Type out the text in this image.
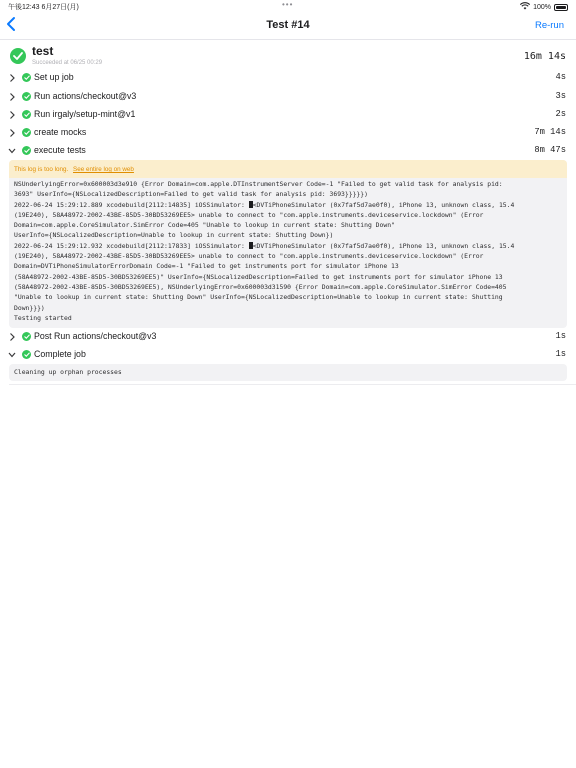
午後12:43 6月27日(月)	•••	100%
Test #14	Re-run
test
Succeeded at 06/25 00:29
16m 14s
Set up job	4s
Run actions/checkout@v3	3s
Run irgaly/setup-mint@v1	2s
create mocks	7m 14s
execute tests	8m 47s
This log is too long. See entire log on web
NSUnderlyingError=0x600003d3e910 {Error Domain=com.apple.DTInstrumentServer Code=-1 "Failed to get valid task for analysis pid:
3693" UserInfo={NSLocalizedDescription=Failed to get valid task for analysis pid: 3693}}}}})
2022-06-24 15:29:12.889 xcodebuild[2112:14835] iOSSimulator: <DVTiPhoneSimulator (0x7faf5d7ae0f0), iPhone 13, unknown class, 15.4
(19E240), 58A48972-2002-43BE-85D5-30BD53269EE5> unable to connect to "com.apple.instruments.deviceservice.lockdown" (Error
Domain=com.apple.CoreSimulator.SimError Code=405 "Unable to lookup in current state: Shutting Down"
UserInfo={NSLocalizedDescription=Unable to lookup in current state: Shutting Down})
2022-06-24 15:29:12.932 xcodebuild[2112:17833] iOSSimulator: <DVTiPhoneSimulator (0x7faf5d7ae0f0), iPhone 13, unknown class, 15.4
(19E240), 58A48972-2002-43BE-85D5-30BD53269EE5> unable to connect to "com.apple.instruments.deviceservice.lockdown" (Error
Domain=DVTiPhoneSimulatorErrorDomain Code=-1 "Failed to get instruments port for simulator iPhone 13
(58A48972-2002-43BE-85D5-30BD53269EE5)" UserInfo={NSLocalizedDescription=Failed to get instruments port for simulator iPhone 13
(58A48972-2002-43BE-85D5-30BD53269EE5), NSUnderlyingError=0x600003d31590 {Error Domain=com.apple.CoreSimulator.SimError Code=405
"Unable to lookup in current state: Shutting Down" UserInfo={NSLocalizedDescription=Unable to lookup in current state: Shutting
Down}}})
Testing started
Post Run actions/checkout@v3	1s
Complete job	1s
Cleaning up orphan processes
